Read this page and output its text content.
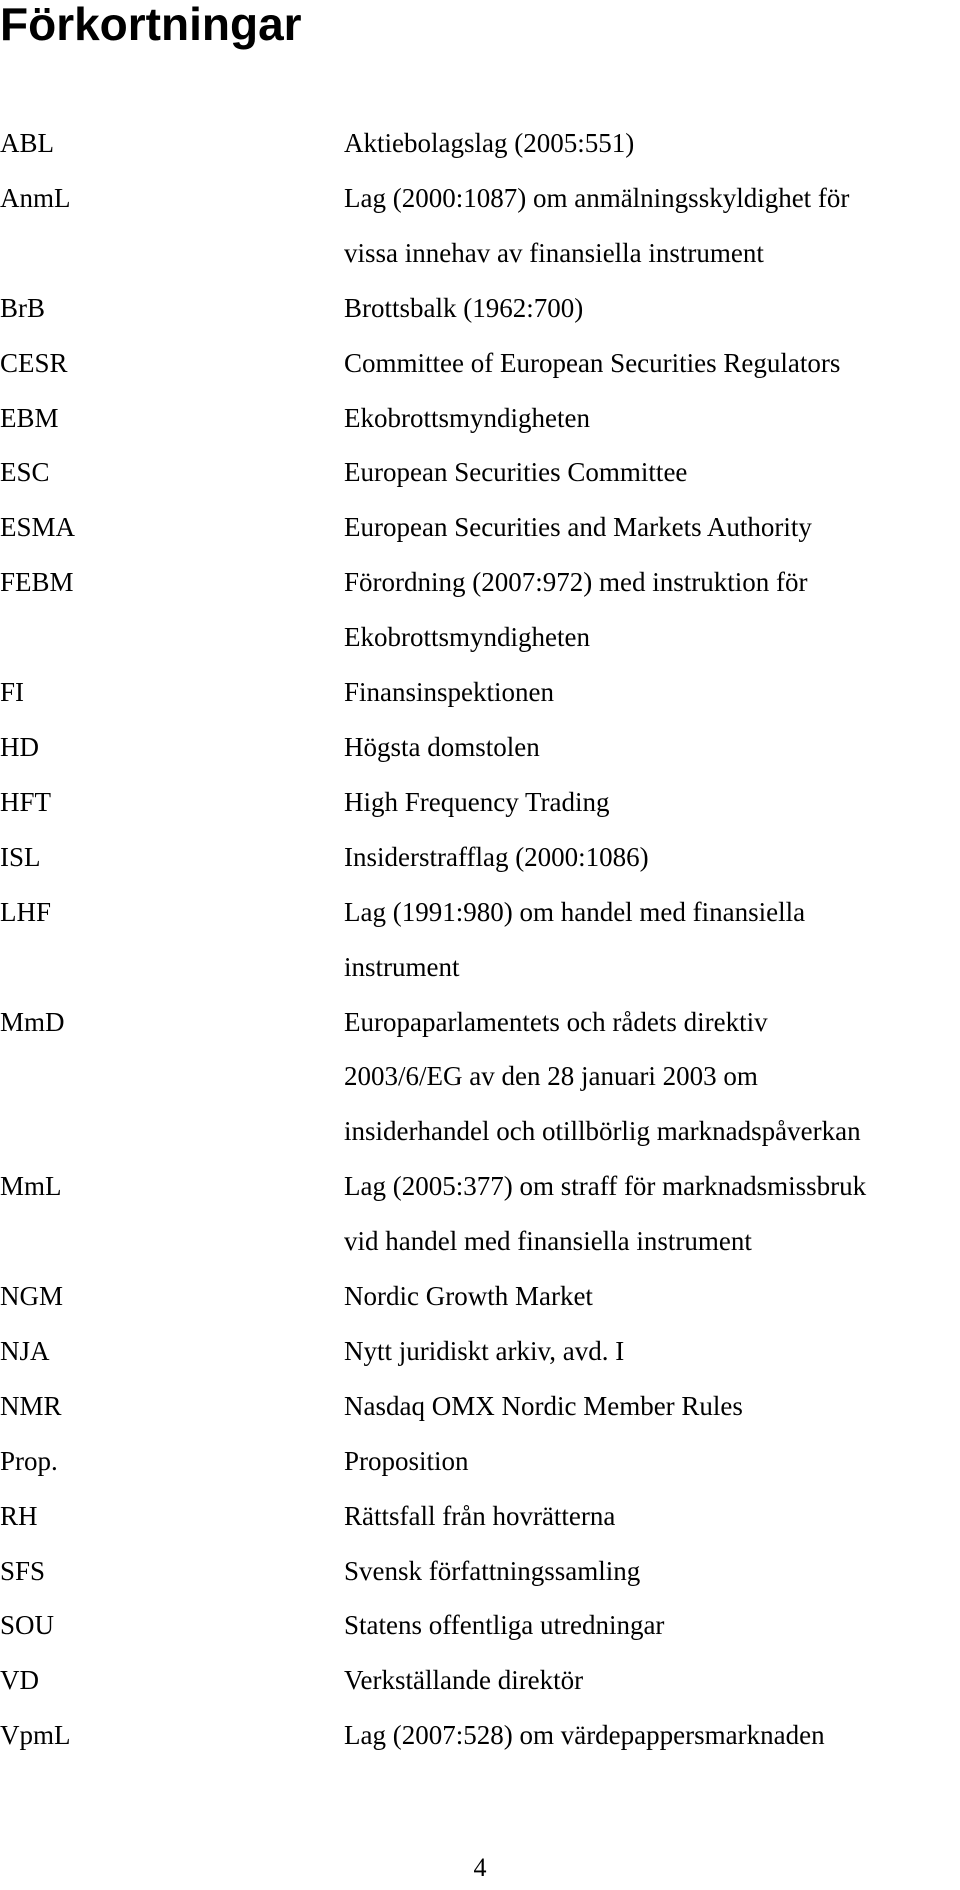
Förkortningar
ABL	Aktiebolagslag (2005:551)
AnmL	Lag (2000:1087) om anmälningsskyldighet för
vissa innehav av finansiella instrument
BrB	Brottsbalk (1962:700)
CESR	Committee of European Securities Regulators
EBM	Ekobrottsmyndigheten
ESC	European Securities Committee
ESMA	European Securities and Markets Authority
FEBM	Förordning (2007:972) med instruktion för
Ekobrottsmyndigheten
FI	Finansinspektionen
HD	Högsta domstolen
HFT	High Frequency Trading
ISL	Insiderstrafflag (2000:1086)
LHF	Lag (1991:980) om handel med finansiella
instrument
MmD	Europaparlamentets och rådets direktiv
2003/6/EG av den 28 januari 2003 om
insiderhandel och otillbörlig marknadspåverkan
MmL	Lag (2005:377) om straff för marknadsmissbruk
vid handel med finansiella instrument
NGM	Nordic Growth Market
NJA	Nytt juridiskt arkiv, avd. I
NMR	Nasdaq OMX Nordic Member Rules
Prop.	Proposition
RH	Rättsfall från hovrätterna
SFS	Svensk författningssamling
SOU	Statens offentliga utredningar
VD	Verkställande direktör
VpmL	Lag (2007:528) om värdepappersmarknaden
4
